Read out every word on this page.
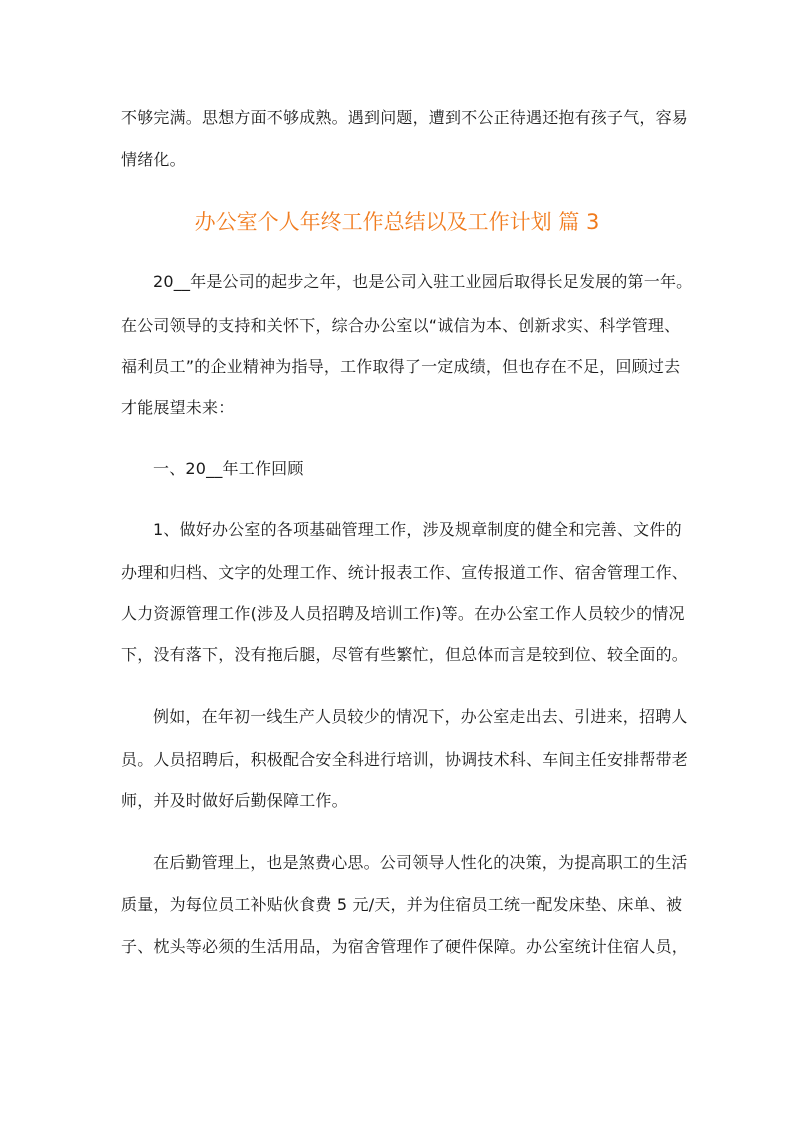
不够完满。思想方面不够成熟。遇到问题，遭到不公正待遇还抱有孩子气，容易
情绪化。
办公室个人年终工作总结以及工作计划 篇 3
20__年是公司的起步之年，也是公司入驻工业园后取得长足发展的第一年。
在公司领导的支持和关怀下，综合办公室以“诚信为本、创新求实、科学管理、
福利员工”的企业精神为指导，工作取得了一定成绩，但也存在不足，回顾过去
才能展望未来：
一、20__年工作回顾
1、做好办公室的各项基础管理工作，涉及规章制度的健全和完善、文件的
办理和归档、文字的处理工作、统计报表工作、宣传报道工作、宿舍管理工作、
人力资源管理工作(涉及人员招聘及培训工作)等。在办公室工作人员较少的情况
下，没有落下，没有拖后腿，尽管有些繁忙，但总体而言是较到位、较全面的。
例如，在年初一线生产人员较少的情况下，办公室走出去、引进来，招聘人
员。人员招聘后，积极配合安全科进行培训，协调技术科、车间主任安排帮带老
师，并及时做好后勤保障工作。
在后勤管理上，也是煞费心思。公司领导人性化的决策，为提高职工的生活
质量，为每位员工补贴伙食费 5 元/天，并为住宿员工统一配发床垫、床单、被
子、枕头等必须的生活用品，为宿舍管理作了硬件保障。办公室统计住宿人员，
